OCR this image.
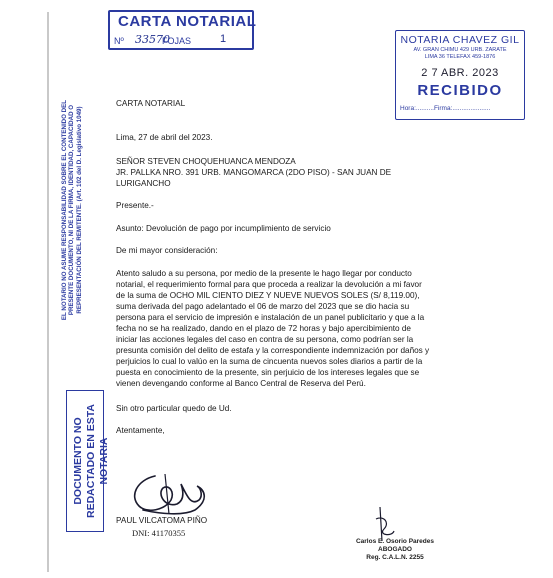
CARTA NOTARIAL
Nº 33570
FOJAS	1	NOTARIA CHAVEZ GIL
AV. GRAN CHIMU 429 URB. ZARATE
LIMA 36 TELEFAX 459-1876
2 7 ABR. 2023
RECIBIDO
Hora:..........Firma:.....................
EL NOTARIO NO ASUME RESPONSABILIDAD SOBRE EL CONTENIDO DEL PRESENTE DOCUMENTO, NI DE LA FIRMA, IDENTIDAD, CAPACIDAD O REPRESENTACIÓN DEL REMITENTE. (Art. 102 del D. Legislativo 1049)
DOCUMENTO NO REDACTADO EN ESTA NOTARIA
CARTA NOTARIAL
Lima, 27 de abril del 2023.
SEÑOR STEVEN CHOQUEHUANCA MENDOZA
JR. PALLKA NRO. 391 URB. MANGOMARCA (2DO PISO) - SAN JUAN DE
LURIGANCHO
Presente.-
Asunto: Devolución de pago por incumplimiento de servicio
De mi mayor consideración:
Atento saludo a su persona, por medio de la presente le hago llegar por conducto
notarial, el requerimiento formal para que proceda a realizar la devolución a mi favor
de la suma de OCHO MIL CIENTO DIEZ Y NUEVE NUEVOS SOLES (S/ 8,119.00),
suma derivada del pago adelantado el 06 de marzo del 2023 que se dio hacia su
persona para el servicio de impresión e instalación de un panel publicitario y que a la
fecha no se ha realizado, dando en el plazo de 72 horas y bajo apercibimiento de
iniciar las acciones legales del caso en contra de su persona, como podrían ser la
presunta comisión del delito de estafa y la correspondiente indemnización por daños y
perjuicios lo cual lo valúo en la suma de cincuenta nuevos soles diarios a partir de la
puesta en conocimiento de la presente, sin perjuicio de los intereses legales que se
vienen devengando conforme al Banco Central de Reserva del Perú.
Sin otro particular quedo de Ud.
Atentamente,
PAUL VILCATOMA PIÑO
DNI: 41170355
Carlos E. Osorio Paredes
ABOGADO
Reg. C.A.L.N. 2255
